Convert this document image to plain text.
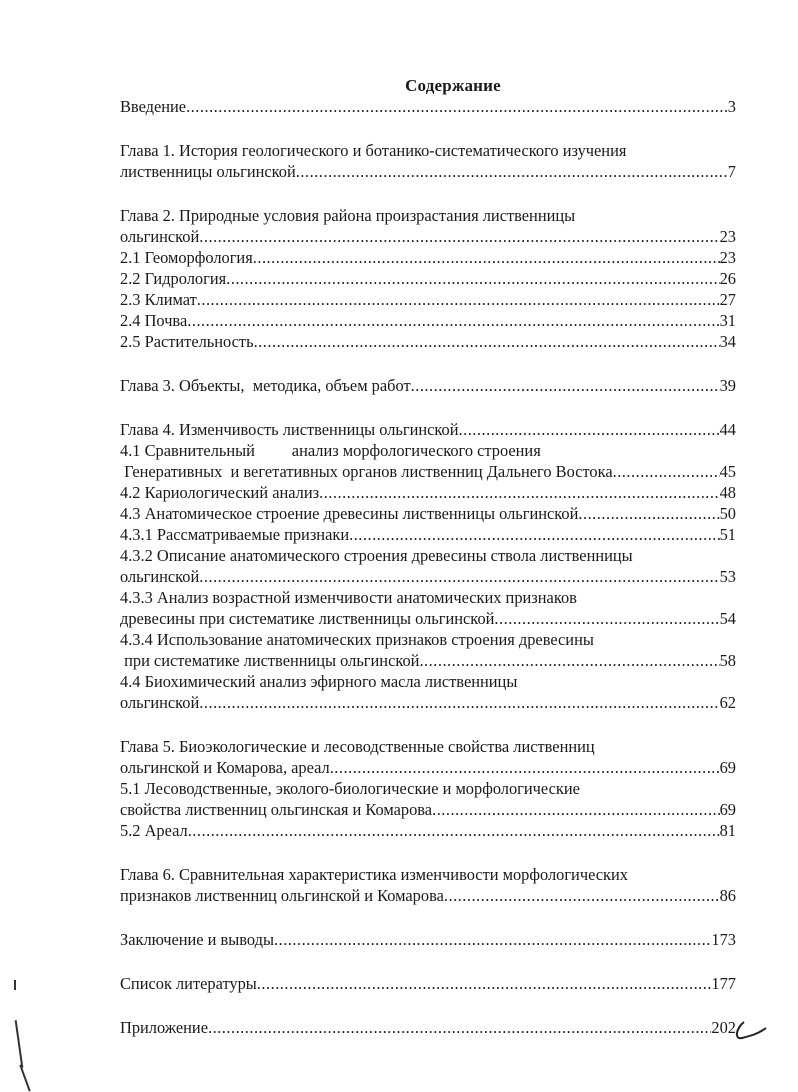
Содержание
Введение .....	3
Глава 1. История геологического и ботанико-систематического изучения
лиственницы ольгинской .....	7
Глава 2. Природные условия района произрастания лиственницы
ольгинской .....	23
2.1 Геоморфология .....	23
2.2 Гидрология .....	26
2.3 Климат .....	27
2.4 Почва .....	31
2.5 Растительность .....	34
Глава 3. Объекты,  методика, объем работ .....	39
Глава 4. Изменчивость лиственницы ольгинской .....	44
4.1 Сравнительный         анализ морфологического строения
Генеративных  и вегетативных органов лиственниц Дальнего Востока .....	45
4.2 Кариологический анализ .....	48
4.3 Анатомическое строение древесины лиственницы ольгинской .....	50
4.3.1 Рассматриваемые признаки .....	51
4.3.2 Описание анатомического строения древесины ствола лиственницы
ольгинской .....	53
4.3.3 Анализ возрастной изменчивости анатомических признаков
древесины при систематике лиственницы ольгинской .....	54
4.3.4 Использование анатомических признаков строения древесины
при систематике лиственницы ольгинской .....	58
4.4 Биохимический анализ эфирного масла лиственницы
ольгинской .....	62
Глава 5. Биоэкологические и лесоводственные свойства лиственниц
ольгинской и Комарова, ареал .....	69
5.1 Лесоводственные, эколого-биологические и морфологические
свойства лиственниц ольгинская и Комарова .....	69
5.2 Ареал .....	81
Глава 6. Сравнительная характеристика изменчивости морфологических
признаков лиственниц ольгинской и Комарова .....	86
Заключение и выводы .....	173
Список литературы .....	177
Приложение .....	202
